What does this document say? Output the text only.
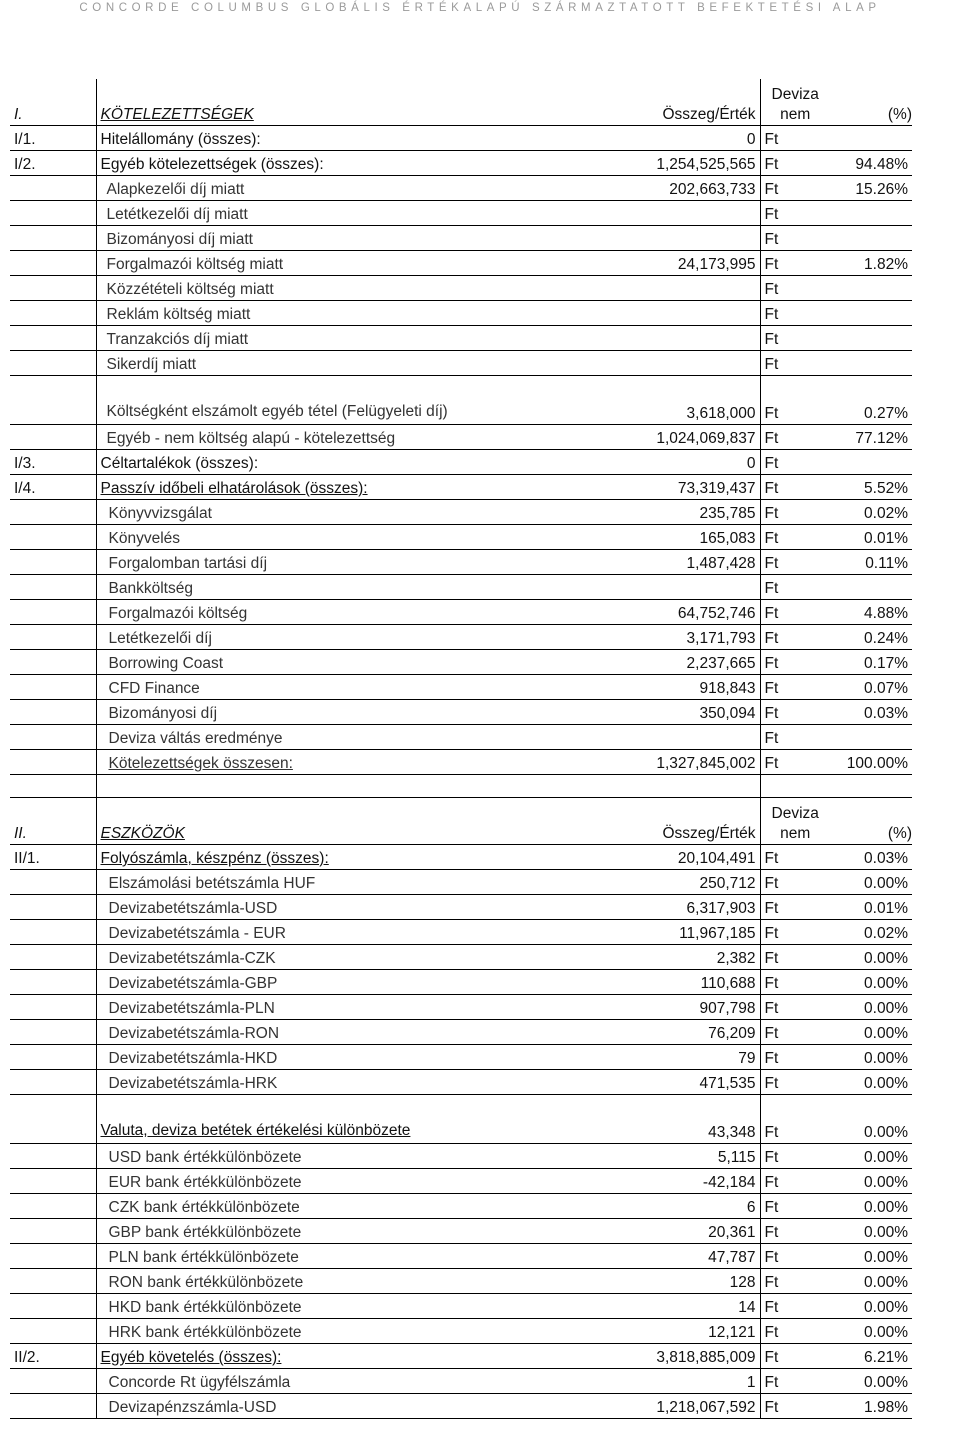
CONCORDE COLUMBUS GLOBÁLIS ÉRTÉKALAPÚ SZÁRMAZTATOTT BEFEKTETÉSI ALAP
I.	KÖTELEZETTSÉGEK	Összeg/Érték	Deviza nem	(%)
I/1.	Hitelállomány (összes):	0	Ft	
I/2.	Egyéb kötelezettségek (összes):	1,254,525,565	Ft	94.48%
	Alapkezelői díj miatt	202,663,733	Ft	15.26%
	Letétkezelői díj miatt		Ft	
	Bizományosi díj miatt		Ft	
	Forgalmazói költség miatt	24,173,995	Ft	1.82%
	Közzétételi költség miatt		Ft	
	Reklám költség miatt		Ft	
	Tranzakciós díj miatt		Ft	
	Sikerdíj miatt		Ft	
	Költségként elszámolt egyéb tétel (Felügyeleti díj)	3,618,000	Ft	0.27%
	Egyéb - nem költség alapú - kötelezettség	1,024,069,837	Ft	77.12%
I/3.	Céltartalékok (összes):	0	Ft	
I/4.	Passzív időbeli elhatárolások (összes):	73,319,437	Ft	5.52%
	Könyvvizsgálat	235,785	Ft	0.02%
	Könyvelés	165,083	Ft	0.01%
	Forgalomban tartási díj	1,487,428	Ft	0.11%
	Bankköltség		Ft	
	Forgalmazói költség	64,752,746	Ft	4.88%
	Letétkezelői díj	3,171,793	Ft	0.24%
	Borrowing Coast	2,237,665	Ft	0.17%
	CFD Finance	918,843	Ft	0.07%
	Bizományosi díj	350,094	Ft	0.03%
	Deviza váltás eredménye		Ft	
	Kötelezettségek összesen:	1,327,845,002	Ft	100.00%

II.	ESZKÖZÖK	Összeg/Érték	Deviza nem	(%)
II/1.	Folyószámla, készpénz (összes):	20,104,491	Ft	0.03%
	Elszámolási betétszámla HUF	250,712	Ft	0.00%
	Devizabetétszámla-USD	6,317,903	Ft	0.01%
	Devizabetétszámla - EUR	11,967,185	Ft	0.02%
	Devizabetétszámla-CZK	2,382	Ft	0.00%
	Devizabetétszámla-GBP	110,688	Ft	0.00%
	Devizabetétszámla-PLN	907,798	Ft	0.00%
	Devizabetétszámla-RON	76,209	Ft	0.00%
	Devizabetétszámla-HKD	79	Ft	0.00%
	Devizabetétszámla-HRK	471,535	Ft	0.00%
	Valuta, deviza betétek értékelési különbözete	43,348	Ft	0.00%
	USD bank értékkülönbözete	5,115	Ft	0.00%
	EUR bank értékkülönbözete	-42,184	Ft	0.00%
	CZK bank értékkülönbözete	6	Ft	0.00%
	GBP bank értékkülönbözete	20,361	Ft	0.00%
	PLN bank értékkülönbözete	47,787	Ft	0.00%
	RON bank értékkülönbözete	128	Ft	0.00%
	HKD bank értékkülönbözete	14	Ft	0.00%
	HRK bank értékkülönbözete	12,121	Ft	0.00%
II/2.	Egyéb követelés (összes):	3,818,885,009	Ft	6.21%
	Concorde Rt ügyfélszámla	1	Ft	0.00%
	Devizapénzszámla-USD	1,218,067,592	Ft	1.98%
